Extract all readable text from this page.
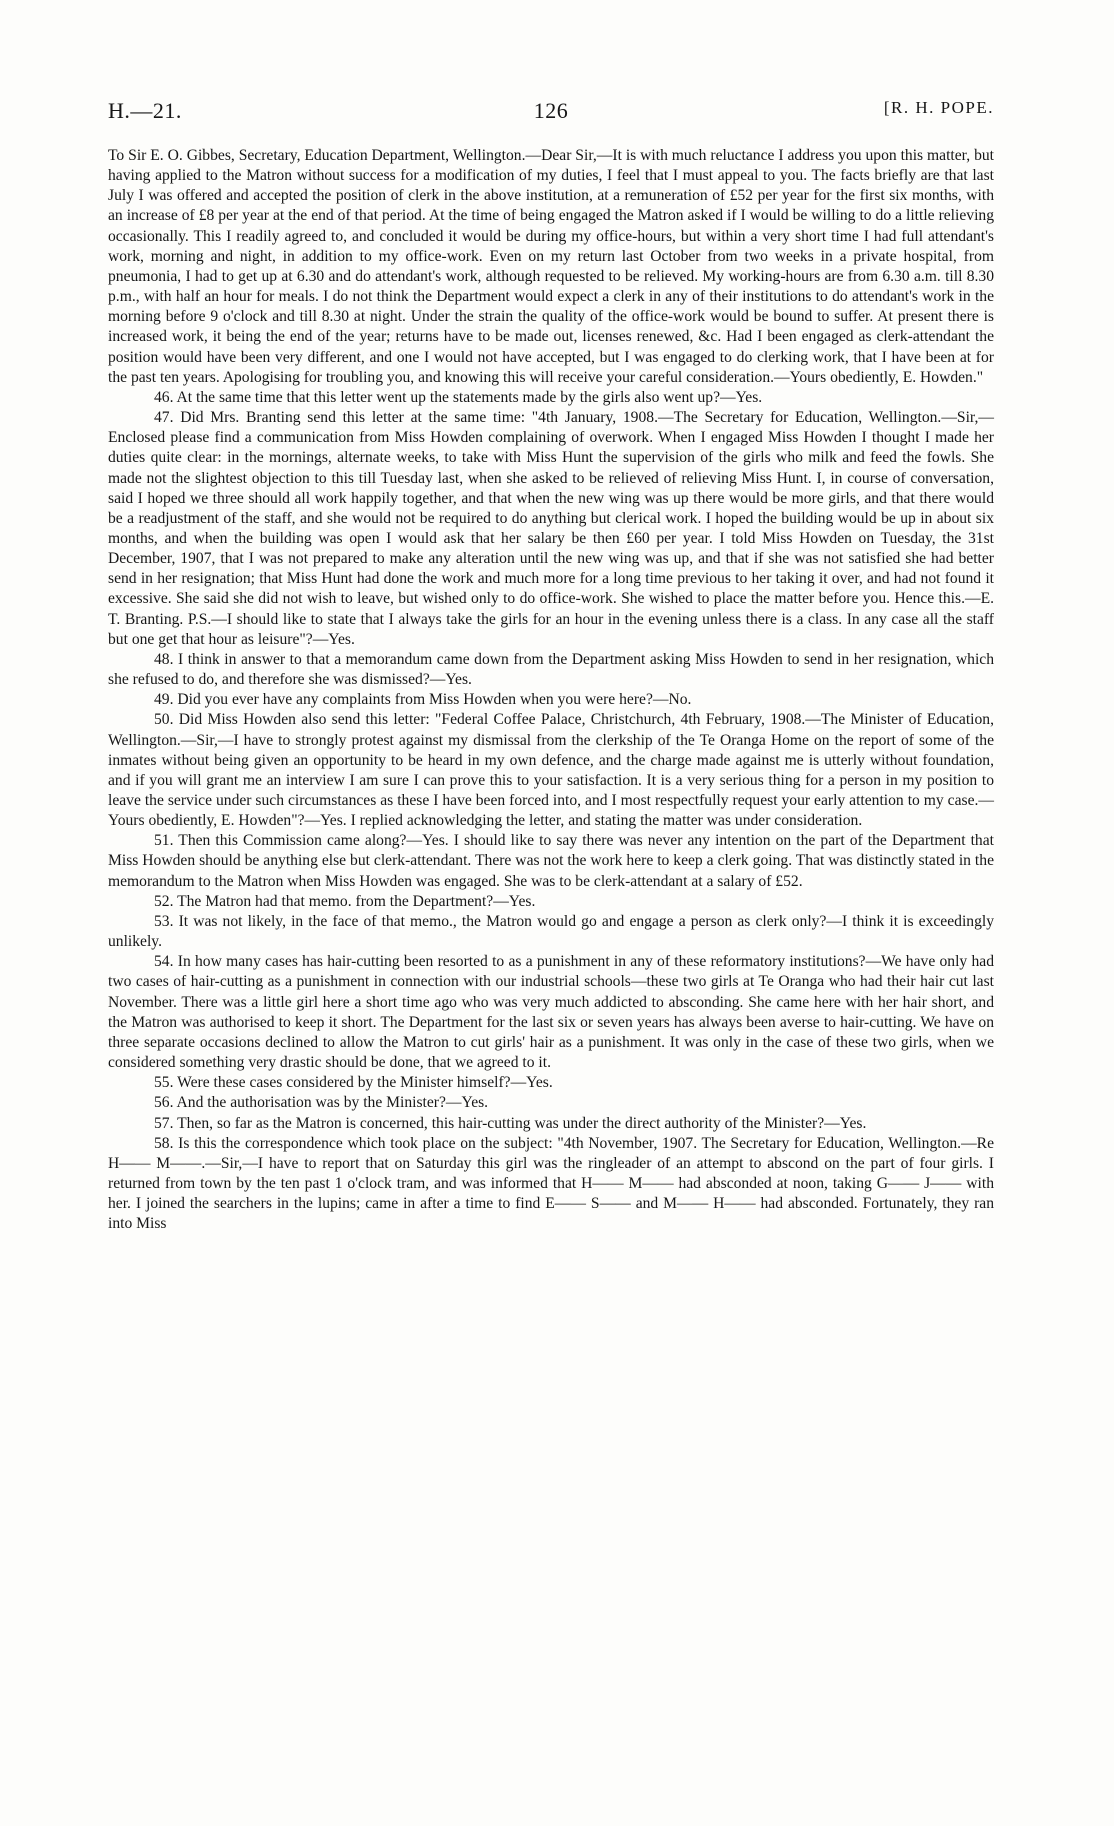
H.—21.	126	[R. H. POPE.

To Sir E. O. Gibbes, Secretary, Education Department, Wellington.—Dear Sir,—It is with much reluctance I address you upon this matter, but having applied to the Matron without success for a modification of my duties, I feel that I must appeal to you. The facts briefly are that last July I was offered and accepted the position of clerk in the above institution, at a remuneration of £52 per year for the first six months, with an increase of £8 per year at the end of that period. At the time of being engaged the Matron asked if I would be willing to do a little relieving occasionally. This I readily agreed to, and concluded it would be during my office-hours, but within a very short time I had full attendant's work, morning and night, in addition to my office-work. Even on my return last October from two weeks in a private hospital, from pneumonia, I had to get up at 6.30 and do attendant's work, although requested to be relieved. My working-hours are from 6.30 a.m. till 8.30 p.m., with half an hour for meals. I do not think the Department would expect a clerk in any of their institutions to do attendant's work in the morning before 9 o'clock and till 8.30 at night. Under the strain the quality of the office-work would be bound to suffer. At present there is increased work, it being the end of the year; returns have to be made out, licenses renewed, &c. Had I been engaged as clerk-attendant the position would have been very different, and one I would not have accepted, but I was engaged to do clerking work, that I have been at for the past ten years. Apologising for troubling you, and knowing this will receive your careful consideration.—Yours obediently, E. Howden."

46. At the same time that this letter went up the statements made by the girls also went up?—Yes.

47. Did Mrs. Branting send this letter at the same time: "4th January, 1908.—The Secretary for Education, Wellington.—Sir,—Enclosed please find a communication from Miss Howden complaining of overwork. When I engaged Miss Howden I thought I made her duties quite clear: in the mornings, alternate weeks, to take with Miss Hunt the supervision of the girls who milk and feed the fowls. She made not the slightest objection to this till Tuesday last, when she asked to be relieved of relieving Miss Hunt. I, in course of conversation, said I hoped we three should all work happily together, and that when the new wing was up there would be more girls, and that there would be a readjustment of the staff, and she would not be required to do anything but clerical work. I hoped the building would be up in about six months, and when the building was open I would ask that her salary be then £60 per year. I told Miss Howden on Tuesday, the 31st December, 1907, that I was not prepared to make any alteration until the new wing was up, and that if she was not satisfied she had better send in her resignation; that Miss Hunt had done the work and much more for a long time previous to her taking it over, and had not found it excessive. She said she did not wish to leave, but wished only to do office-work. She wished to place the matter before you. Hence this.—E. T. Branting. P.S.—I should like to state that I always take the girls for an hour in the evening unless there is a class. In any case all the staff but one get that hour as leisure"?—Yes.

48. I think in answer to that a memorandum came down from the Department asking Miss Howden to send in her resignation, which she refused to do, and therefore she was dismissed?—Yes.

49. Did you ever have any complaints from Miss Howden when you were here?—No.

50. Did Miss Howden also send this letter: "Federal Coffee Palace, Christchurch, 4th February, 1908.—The Minister of Education, Wellington.—Sir,—I have to strongly protest against my dismissal from the clerkship of the Te Oranga Home on the report of some of the inmates without being given an opportunity to be heard in my own defence, and the charge made against me is utterly without foundation, and if you will grant me an interview I am sure I can prove this to your satisfaction. It is a very serious thing for a person in my position to leave the service under such circumstances as these I have been forced into, and I most respectfully request your early attention to my case.—Yours obediently, E. Howden"?—Yes. I replied acknowledging the letter, and stating the matter was under consideration.

51. Then this Commission came along?—Yes. I should like to say there was never any intention on the part of the Department that Miss Howden should be anything else but clerk-attendant. There was not the work here to keep a clerk going. That was distinctly stated in the memorandum to the Matron when Miss Howden was engaged. She was to be clerk-attendant at a salary of £52.

52. The Matron had that memo. from the Department?—Yes.

53. It was not likely, in the face of that memo., the Matron would go and engage a person as clerk only?—I think it is exceedingly unlikely.

54. In how many cases has hair-cutting been resorted to as a punishment in any of these reformatory institutions?—We have only had two cases of hair-cutting as a punishment in connection with our industrial schools—these two girls at Te Oranga who had their hair cut last November. There was a little girl here a short time ago who was very much addicted to absconding. She came here with her hair short, and the Matron was authorised to keep it short. The Department for the last six or seven years has always been averse to hair-cutting. We have on three separate occasions declined to allow the Matron to cut girls' hair as a punishment. It was only in the case of these two girls, when we considered something very drastic should be done, that we agreed to it.

55. Were these cases considered by the Minister himself?—Yes.

56. And the authorisation was by the Minister?—Yes.

57. Then, so far as the Matron is concerned, this hair-cutting was under the direct authority of the Minister?—Yes.

58. Is this the correspondence which took place on the subject: "4th November, 1907. The Secretary for Education, Wellington.—Re H—— M——.—Sir,—I have to report that on Saturday this girl was the ringleader of an attempt to abscond on the part of four girls. I returned from town by the ten past 1 o'clock tram, and was informed that H—— M—— had absconded at noon, taking G—— J—— with her. I joined the searchers in the lupins; came in after a time to find E—— S—— and M—— H—— had absconded. Fortunately, they ran into Miss
